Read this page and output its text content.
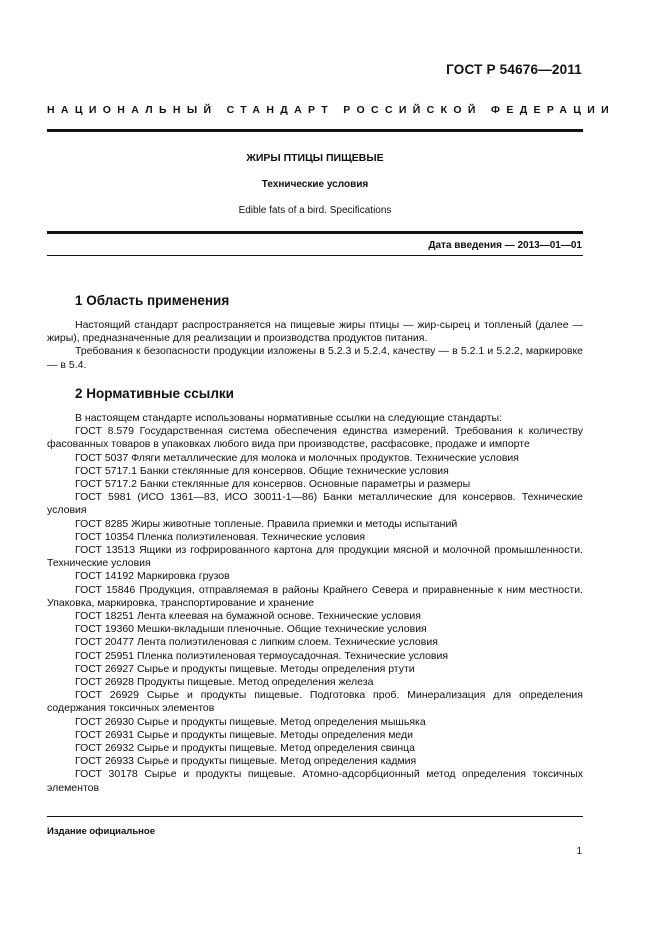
ГОСТ Р 54676—2011
НАЦИОНАЛЬНЫЙ СТАНДАРТ РОССИЙСКОЙ ФЕДЕРАЦИИ
ЖИРЫ ПТИЦЫ ПИЩЕВЫЕ
Технические условия
Edible fats of a bird. Specifications
Дата введения — 2013—01—01
1 Область применения

Настоящий стандарт распространяется на пищевые жиры птицы — жир-сырец и топленый (далее — жиры), предназначенные для реализации и производства продуктов питания.

Требования к безопасности продукции изложены в 5.2.3 и 5.2.4, качеству — в 5.2.1 и 5.2.2, маркировке — в 5.4.

2 Нормативные ссылки

В настоящем стандарте использованы нормативные ссылки на следующие стандарты:

ГОСТ 8.579 Государственная система обеспечения единства измерений. Требования к количеству фасованных товаров в упаковках любого вида при производстве, расфасовке, продаже и импорте

ГОСТ 5037 Фляги металлические для молока и молочных продуктов. Технические условия

ГОСТ 5717.1 Банки стеклянные для консервов. Общие технические условия

ГОСТ 5717.2 Банки стеклянные для консервов. Основные параметры и размеры

ГОСТ 5981 (ИСО 1361—83, ИСО 30011-1—86) Банки металлические для консервов. Технические условия

ГОСТ 8285 Жиры животные топленые. Правила приемки и методы испытаний

ГОСТ 10354 Пленка полиэтиленовая. Технические условия

ГОСТ 13513 Ящики из гофрированного картона для продукции мясной и молочной промышленности. Технические условия

ГОСТ 14192 Маркировка грузов

ГОСТ 15846 Продукция, отправляемая в районы Крайнего Севера и приравненные к ним местности. Упаковка, маркировка, транспортирование и хранение

ГОСТ 18251 Лента клеевая на бумажной основе. Технические условия

ГОСТ 19360 Мешки-вкладыши пленочные. Общие технические условия

ГОСТ 20477 Лента полиэтиленовая с липким слоем. Технические условия

ГОСТ 25951 Пленка полиэтиленовая термоусадочная. Технические условия

ГОСТ 26927 Сырье и продукты пищевые. Методы определения ртути

ГОСТ 26928 Продукты пищевые. Метод определения железа

ГОСТ 26929 Сырье и продукты пищевые. Подготовка проб. Минерализация для определения содержания токсичных элементов

ГОСТ 26930 Сырье и продукты пищевые. Метод определения мышьяка

ГОСТ 26931 Сырье и продукты пищевые. Методы определения меди

ГОСТ 26932 Сырье и продукты пищевые. Метод определения свинца

ГОСТ 26933 Сырье и продукты пищевые. Метод определения кадмия

ГОСТ 30178 Сырье и продукты пищевые. Атомно-адсорбционный метод определения токсичных элементов

Издание официальное
1
